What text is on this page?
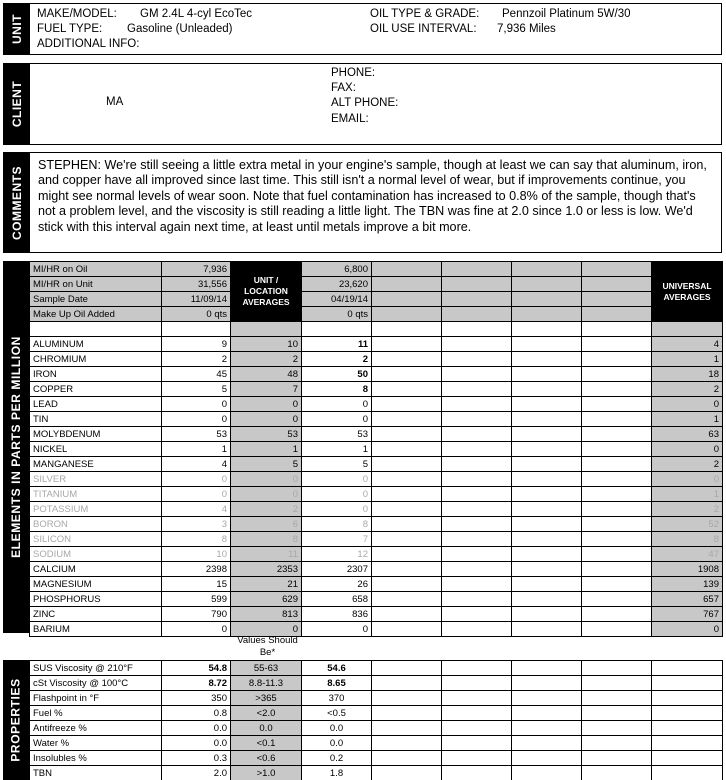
UNIT MAKE/MODEL: GM 2.4L 4-cyl EcoTec
FUEL TYPE: Gasoline (Unleaded)
ADDITIONAL INFO:
OIL TYPE & GRADE: Pennzoil Platinum 5W/30
OIL USE INTERVAL: 7,936 Miles
CLIENT	MA
PHONE:
FAX:
ALT PHONE:
EMAIL:
COMMENTS
STEPHEN: We're still seeing a little extra metal in your engine's sample, though at least we can say that aluminum, iron, and copper have all improved since last time. This still isn't a normal level of wear, but if improvements continue, you might see normal levels of wear soon. Note that fuel contamination has increased to 0.8% of the sample, though that's not a problem level, and the viscosity is still reading a little light. The TBN was fine at 2.0 since 1.0 or less is low. We'd stick with this interval again next time, at least until metals improve a bit more.
ELEMENTS IN PARTS PER MILLION
MI/HR on Oil	7,936	UNIT / LOCATION AVERAGES	6,800					UNIVERSAL AVERAGES
MI/HR on Unit	31,556		23,620					
Sample Date	11/09/14		04/19/14					
Make Up Oil Added	0 qts		0 qts					

ALUMINUM	9	10	11					4
CHROMIUM	2	2	2					1
IRON	45	48	50					18
COPPER	5	7	8					2
LEAD	0	0	0					0
TIN	0	0	0					1
MOLYBDENUM	53	53	53					63
NICKEL	1	1	1					0
MANGANESE	4	5	5					2
SILVER	0	0	0					0
TITANIUM	0	0	0					1
POTASSIUM	4	2	0					2
BORON	3	6	8					52
SILICON	8	8	7					8
SODIUM	10	11	12					47
CALCIUM	2398	2353	2307					1908
MAGNESIUM	15	21	26					139
PHOSPHORUS	599	629	658					657
ZINC	790	813	836					767
BARIUM	0	0	0					0
Values Should Be*
PROPERTIES
SUS Viscosity @ 210°F	54.8	55-63	54.6					
cSt Viscosity @ 100°C	8.72	8.8-11.3	8.65					
Flashpoint in °F	350	>365	370					
Fuel %	0.8	<2.0	<0.5					
Antifreeze %	0.0	0.0	0.0					
Water %	0.0	<0.1	0.0					
Insolubles %	0.3	<0.6	0.2					
TBN	2.0	>1.0	1.8					
